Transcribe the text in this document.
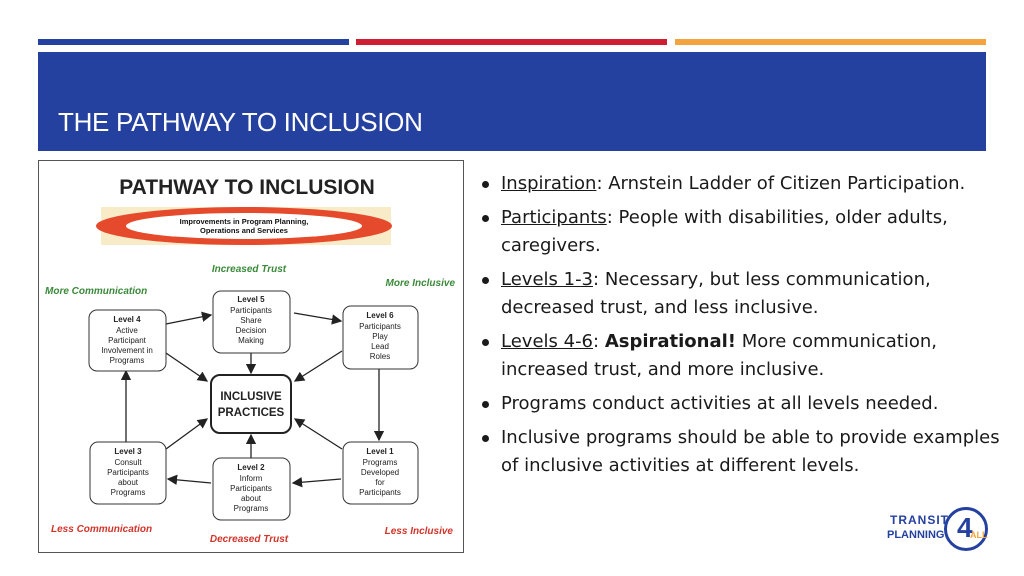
THE PATHWAY TO INCLUSION
PATHWAY TO INCLUSION
Improvements in Program Planning,
Operations and Services
Increased Trust
More Communication
More Inclusive
Less Communication
Decreased Trust
Less Inclusive
INCLUSIVE
PRACTICES
Level 4
Active
Participant
Involvement in
Programs
Level 5
Participants
Share
Decision
Making
Level 6
Participants
Play
Lead
Roles
Level 3
Consult
Participants
about
Programs
Level 2
Inform
Participants
about
Programs
Level 1
Programs
Developed
for
Participants
Inspiration: Arnstein Ladder of Citizen Participation.
Participants: People with disabilities, older adults, caregivers.
Levels 1-3: Necessary, but less communication, decreased trust, and less inclusive.
Levels 4-6: Aspirational! More communication, increased trust, and more inclusive.
Programs conduct activities at all levels needed.
Inclusive programs should be able to provide examples of inclusive activities at different levels.
TRANSIT
PLANNING 4
ALL
